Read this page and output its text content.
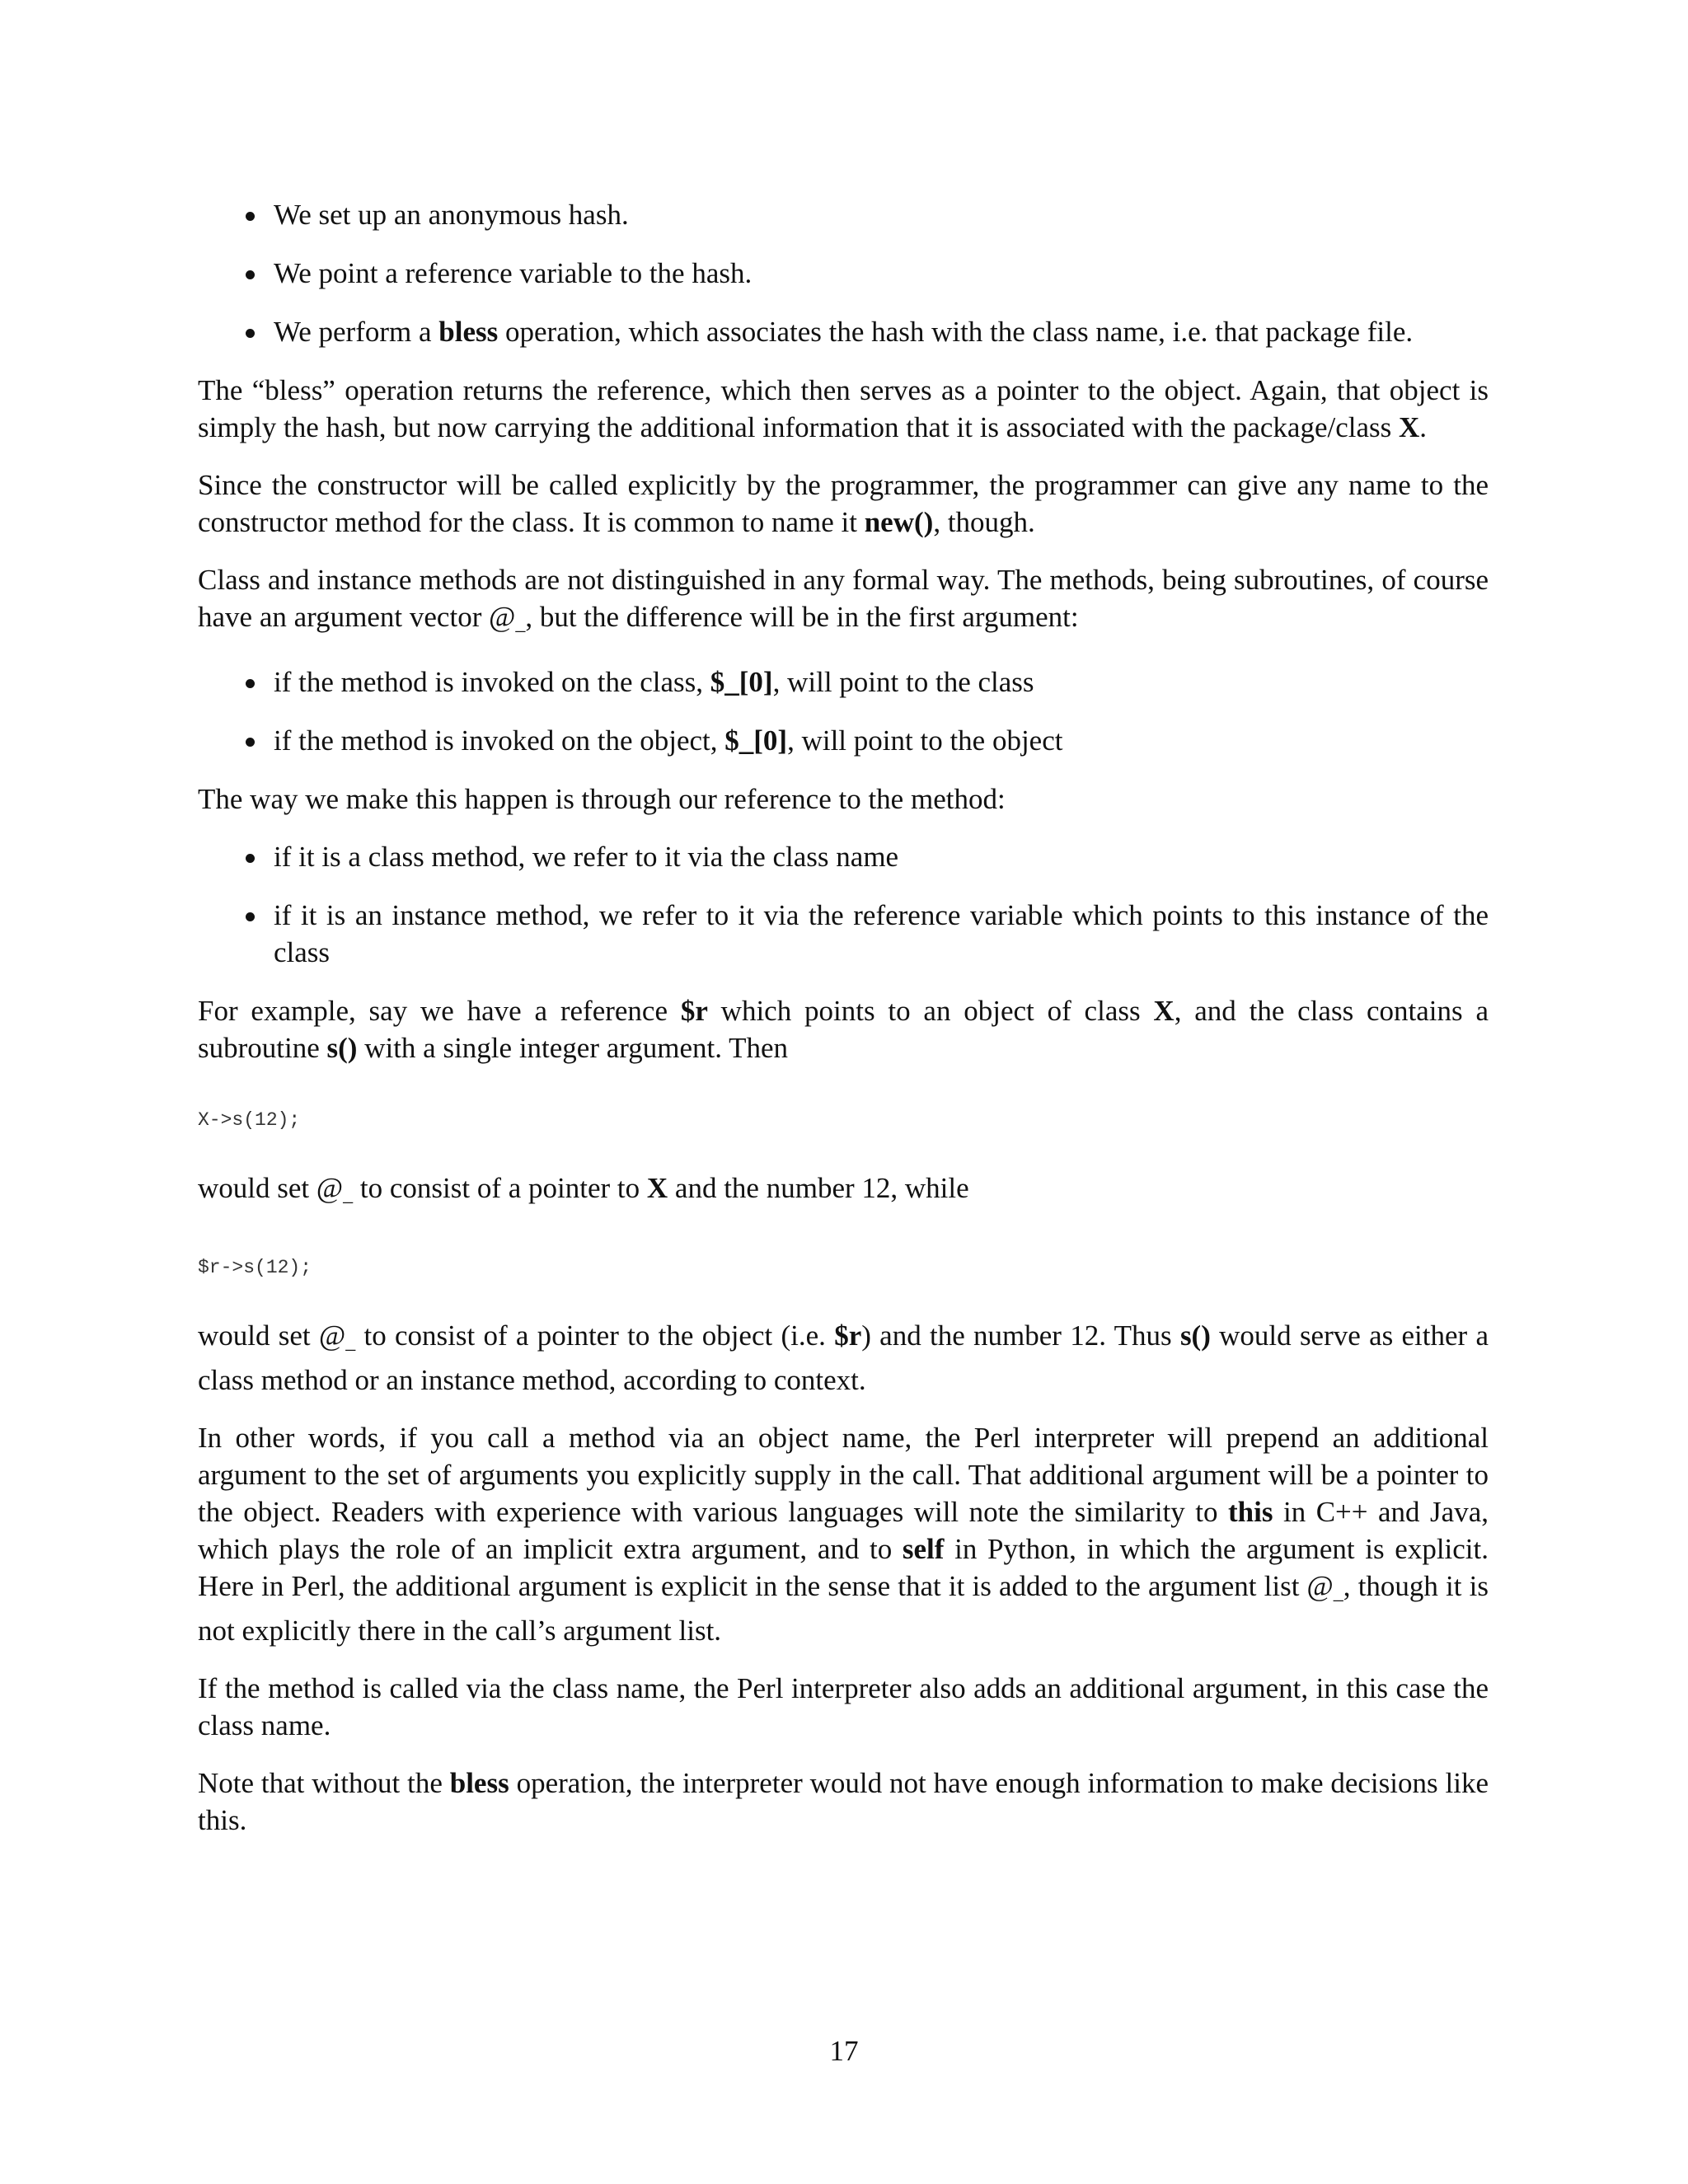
We set up an anonymous hash.
We point a reference variable to the hash.
We perform a bless operation, which associates the hash with the class name, i.e. that package file.

The “bless” operation returns the reference, which then serves as a pointer to the object. Again, that object is simply the hash, but now carrying the additional information that it is associated with the package/class X.

Since the constructor will be called explicitly by the programmer, the programmer can give any name to the constructor method for the class. It is common to name it new(), though.

Class and instance methods are not distinguished in any formal way. The methods, being subroutines, of course have an argument vector @_, but the difference will be in the first argument:

if the method is invoked on the class, $_[0], will point to the class
if the method is invoked on the object, $_[0], will point to the object

The way we make this happen is through our reference to the method:

if it is a class method, we refer to it via the class name
if it is an instance method, we refer to it via the reference variable which points to this instance of the class

For example, say we have a reference $r which points to an object of class X, and the class contains a subroutine s() with a single integer argument. Then

X->s(12);

would set @_ to consist of a pointer to X and the number 12, while

$r->s(12);

would set @_ to consist of a pointer to the object (i.e. $r) and the number 12. Thus s() would serve as either a class method or an instance method, according to context.

In other words, if you call a method via an object name, the Perl interpreter will prepend an additional argument to the set of arguments you explicitly supply in the call. That additional argument will be a pointer to the object. Readers with experience with various languages will note the similarity to this in C++ and Java, which plays the role of an implicit extra argument, and to self in Python, in which the argument is explicit. Here in Perl, the additional argument is explicit in the sense that it is added to the argument list @_, though it is not explicitly there in the call’s argument list.

If the method is called via the class name, the Perl interpreter also adds an additional argument, in this case the class name.

Note that without the bless operation, the interpreter would not have enough information to make decisions like this.

17
